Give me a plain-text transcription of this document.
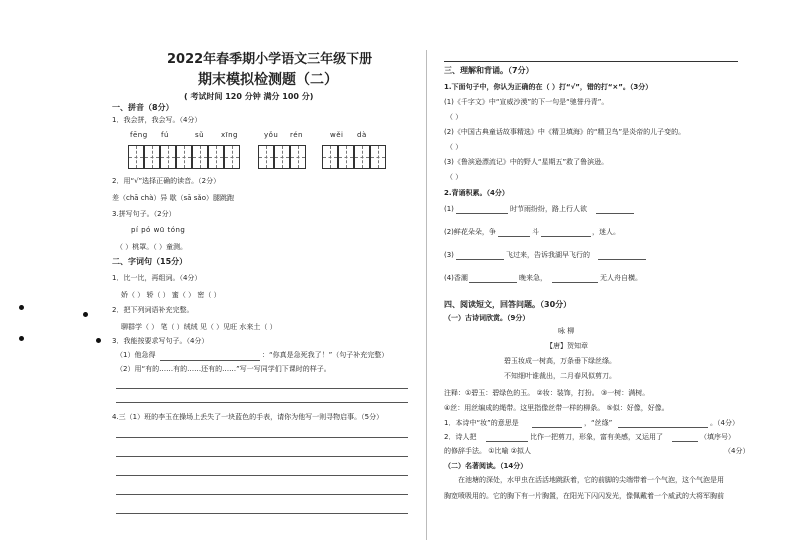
2022年春季期小学语文三年级下册
期末模拟检测题（二）
( 考试时间 120 分钟 满分 100 分)
一、拼音（8分）
1．我会拼，我会写。（4分）
fēng fú	sǔ xīng	yǒu rén	wěi dà
2．用“√”选择正确的读音。（2分）
差（chā chà）异 歇（sā sǎo）腿跳跑
3.拼写句子。（2分）
pí pó wū tóng
（ ）桃罩。（ ）童测。
二、字词句（15分）
1．比一比，再组词。（4分）
娇（ ） 轿（ ） 蜜（ ） 密（ ）
2．把下列词语补充完整。
聊群学（ ） 笔（ ）绒绒 见（ ）见旺 水来土（ ）
3．我能按要求写句子。（4分）
（1）他急得	：“你真是急死我了！”（句子补充完整）
（2）用“有的……有的……还有的……”写一写同学们下课时的样子。
4.三（1）班的李玉在操场上丢失了一块蓝色的手表，请你为他写一则寻物启事。（5分）
三、理解和背诵。（7分）
1.下面句子中，你认为正确的在（ ）打“√”，错的打“×”。（3分）
(1)《千字文》中“宣威沙漠”的下一句是“驰誉丹青”。
（ ）
(2)《中国古典童话故事精选》中《精卫填海》的“精卫鸟”是炎帝的儿子变的。
（ ）
(3)《鲁滨逊漂流记》中的野人“星期五”救了鲁滨逊。
（ ）
2.背诵积累。（4分）
(1)	时节雨纷纷，路上行人欲
(2)鲜花朵朵，争	斗	，迷人。
(3)	飞过来，告诉我湖早飞行的
(4)香潮	晚来急，	无人舟自横。
四、阅读短文，回答问题。（30分）
（一）古诗词欣赏。（9分）
咏 柳
【唐】贺知章
碧玉妆成一树高，万条垂下绿丝绦。
不知细叶谁裁出，二月春风似剪刀。
注释：①碧玉：碧绿色的玉。 ②妆：装饰，打扮。 ③一树：满树。
④丝：用丝编成的绳带。这里指像丝带一样的柳条。 ⑤似：好像，好像。
1．本诗中“妆”的意思是	，“丝绦”	。（4分）
2．诗人把	比作一把剪刀，形象，富有美感，又运用了	（填序号）
的修辞手法。 ①比喻 ②拟人	（4分）
（二）名著阅读。（14分）
在池塘的深处，水甲虫在活活地跳跃着，它的前脚的尖端带着一个气泡，这个气泡是用
胸宽喷吸用的。它的胸下有一片胸置，在阳光下闪闪发光，像佩戴着一个威武的大将军胸前
